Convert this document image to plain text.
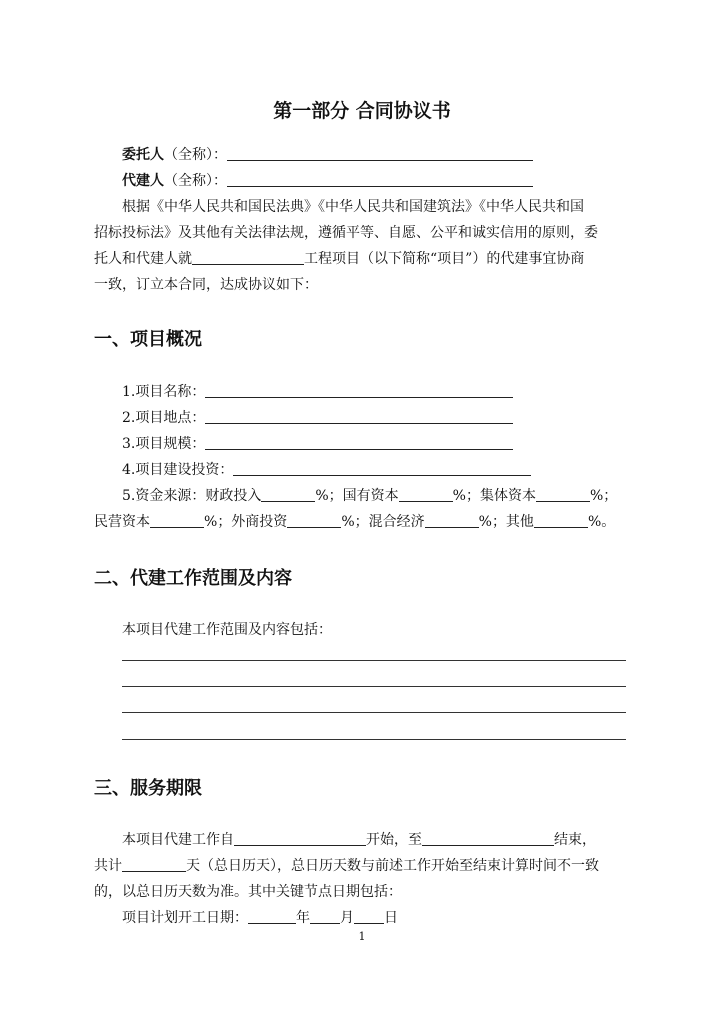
第一部分 合同协议书
委托人（全称）：
代建人（全称）：
根据《中华人民共和国民法典》《中华人民共和国建筑法》《中华人民共和国
招标投标法》及其他有关法律法规，遵循平等、自愿、公平和诚实信用的原则，委
托人和代建人就	工程项目（以下简称“项目”）的代建事宜协商
一致，订立本合同，达成协议如下：
一、项目概况
1.项目名称：
2.项目地点：
3.项目规模：
4.项目建设投资：
5.资金来源：财政投入	%；国有资本	%；集体资本	%；
民营资本	%；外商投资	%；混合经济	%；其他	%。
二、代建工作范围及内容
本项目代建工作范围及内容包括：
三、服务期限
本项目代建工作自	开始，至	结束，
共计	天（总日历天），总日历天数与前述工作开始至结束计算时间不一致
的，以总日历天数为准。其中关键节点日期包括：
项目计划开工日期：	年 月 日
1
